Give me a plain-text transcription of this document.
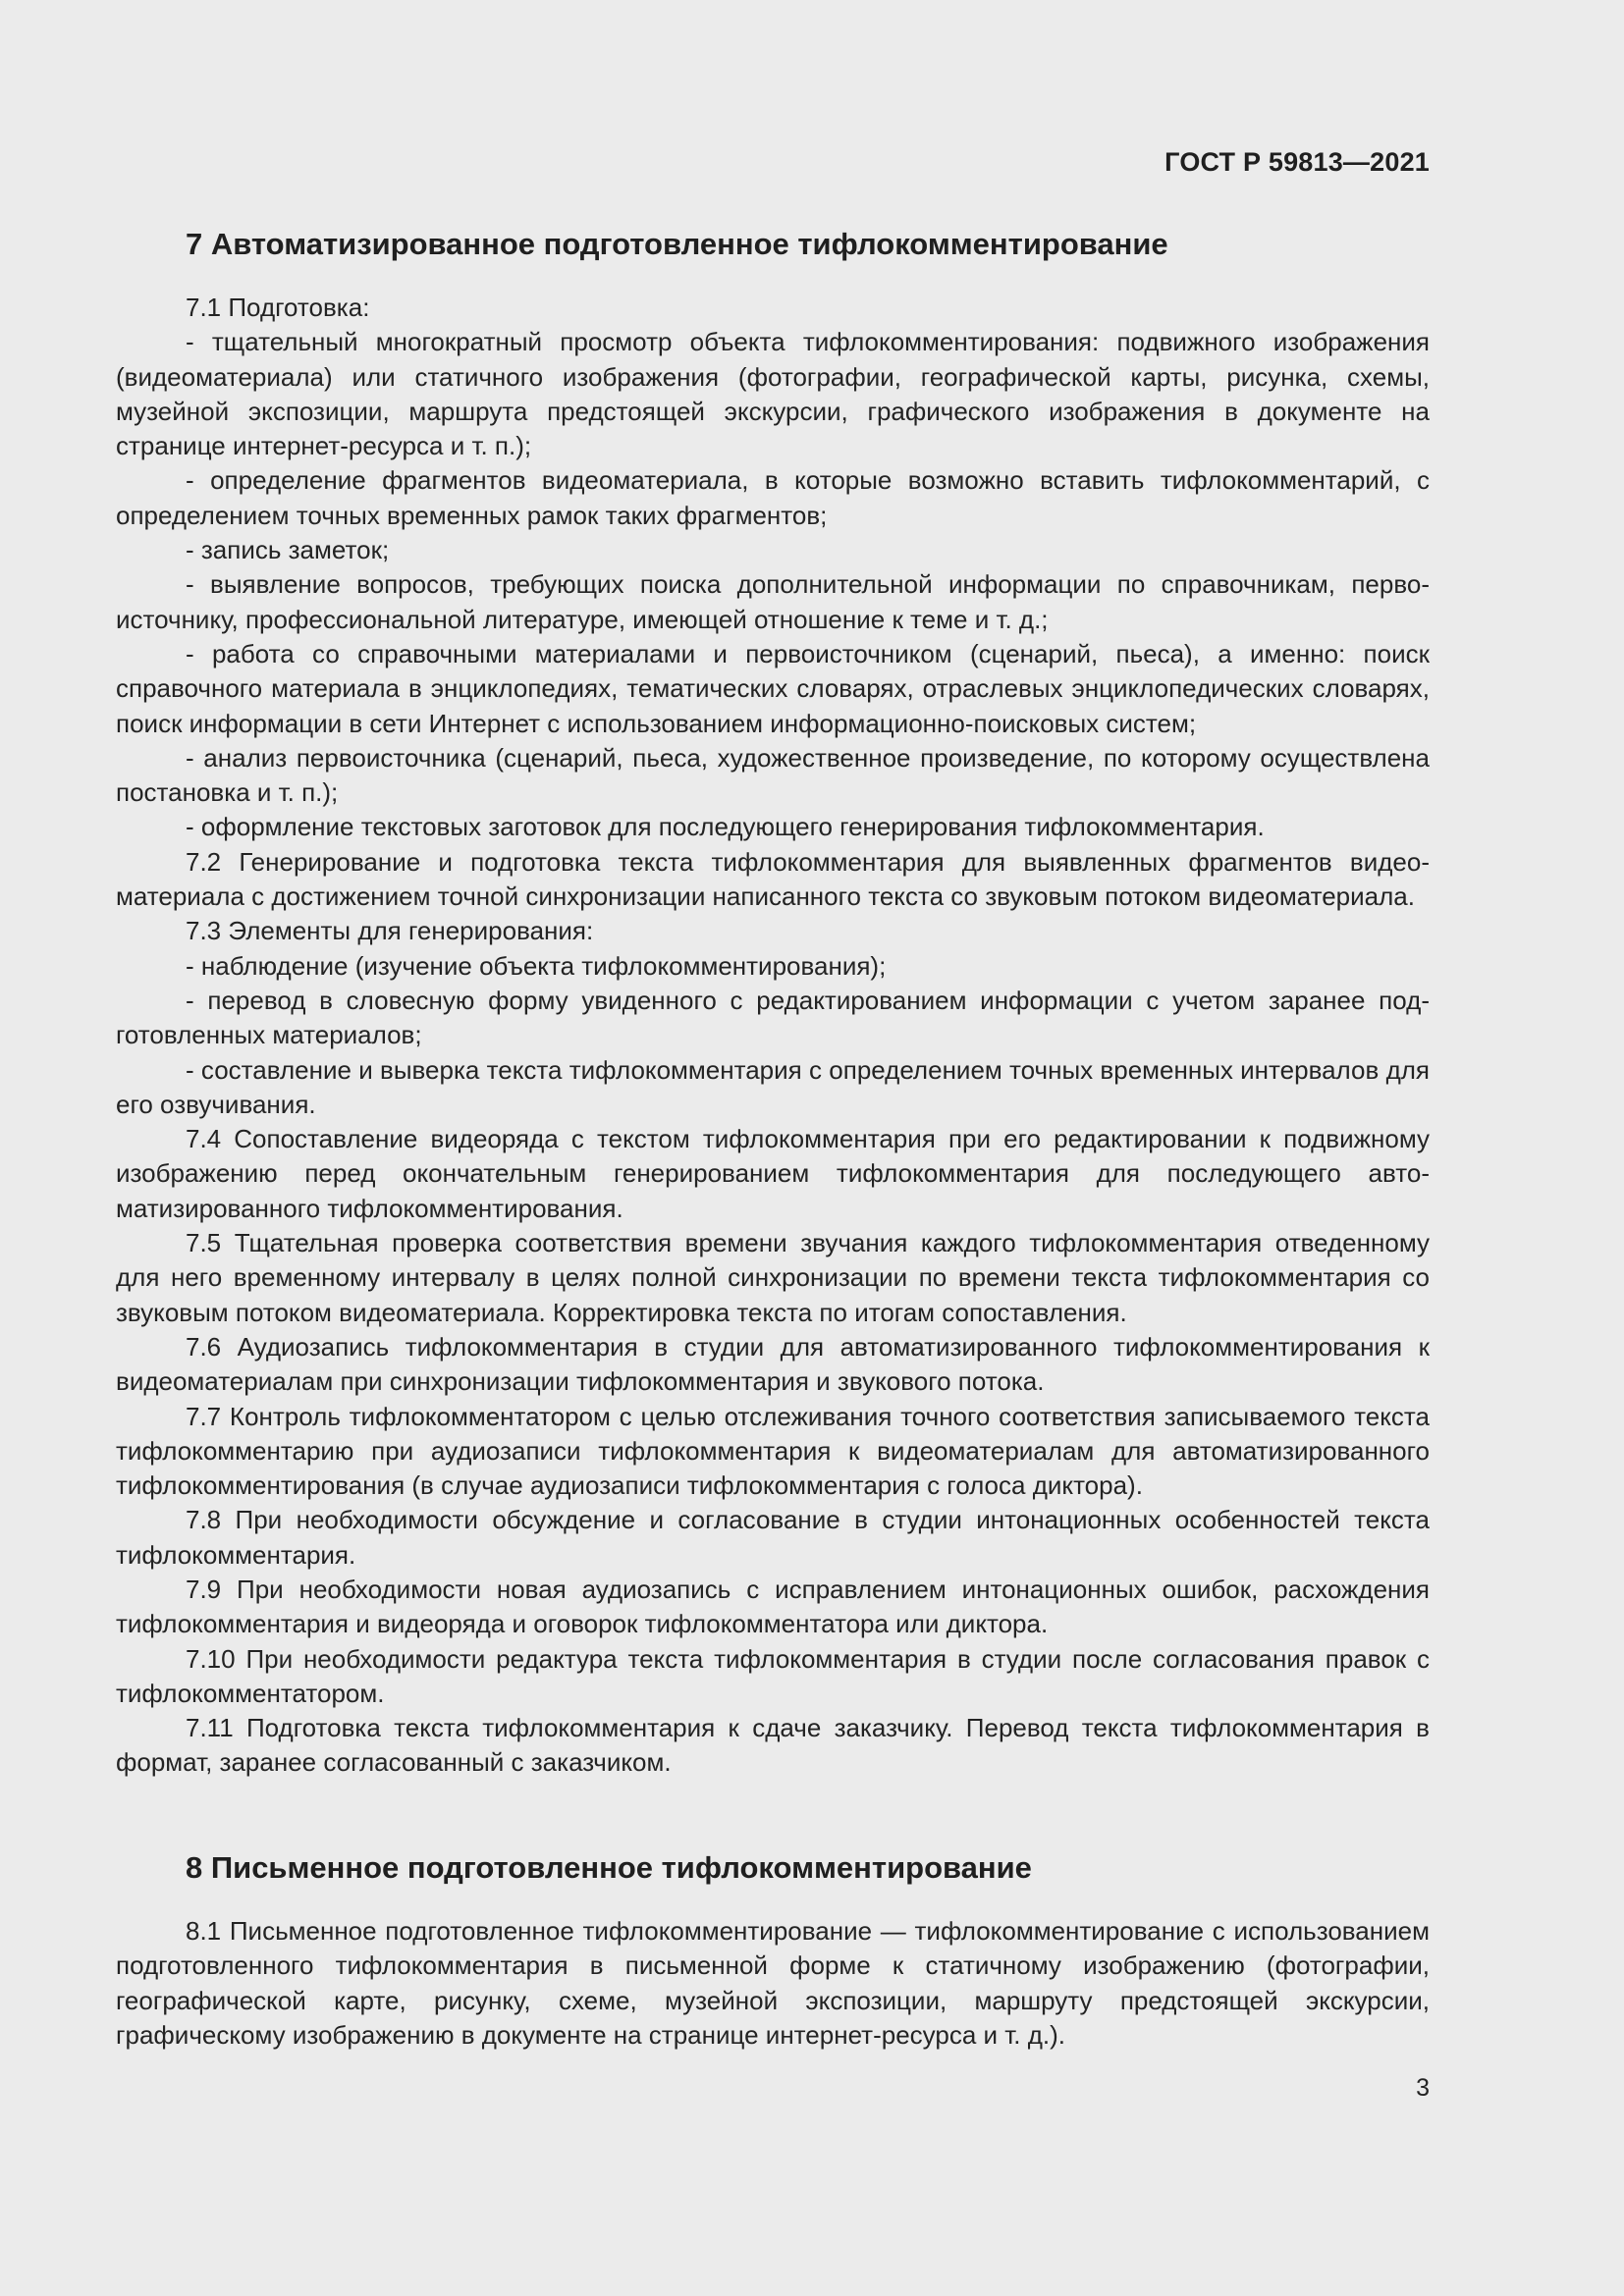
ГОСТ Р 59813—2021
7 Автоматизированное подготовленное тифлокомментирование

7.1 Подготовка:

- тщательный многократный просмотр объекта тифлокомментирования: подвижного изображения (видеоматериала) или статичного изображения (фотографии, географической карты, рисунка, схемы, музейной экспозиции, маршрута предстоящей экскурсии, графического изображения в документе на странице интернет-ресурса и т. п.);

- определение фрагментов видеоматериала, в которые возможно вставить тифлокомментарий, с определением точных временных рамок таких фрагментов;

- запись заметок;

- выявление вопросов, требующих поиска дополнительной информации по справочникам, первоисточнику, профессиональной литературе, имеющей отношение к теме и т. д.;

- работа со справочными материалами и первоисточником (сценарий, пьеса), а именно: поиск справочного материала в энциклопедиях, тематических словарях, отраслевых энциклопедических словарях, поиск информации в сети Интернет с использованием информационно-поисковых систем;

- анализ первоисточника (сценарий, пьеса, художественное произведение, по которому осуществлена постановка и т. п.);

- оформление текстовых заготовок для последующего генерирования тифлокомментария.

7.2 Генерирование и подготовка текста тифлокомментария для выявленных фрагментов видеоматериала с достижением точной синхронизации написанного текста со звуковым потоком видеоматериала.

7.3 Элементы для генерирования:

- наблюдение (изучение объекта тифлокомментирования);

- перевод в словесную форму увиденного с редактированием информации с учетом заранее подготовленных материалов;

- составление и выверка текста тифлокомментария с определением точных временных интервалов для его озвучивания.

7.4 Сопоставление видеоряда с текстом тифлокомментария при его редактировании к подвижному изображению перед окончательным генерированием тифлокомментария для последующего автоматизированного тифлокомментирования.

7.5 Тщательная проверка соответствия времени звучания каждого тифлокомментария отведенному для него временному интервалу в целях полной синхронизации по времени текста тифлокомментария со звуковым потоком видеоматериала. Корректировка текста по итогам сопоставления.

7.6 Аудиозапись тифлокомментария в студии для автоматизированного тифлокомментирования к видеоматериалам при синхронизации тифлокомментария и звукового потока.

7.7 Контроль тифлокомментатором с целью отслеживания точного соответствия записываемого текста тифлокомментарию при аудиозаписи тифлокомментария к видеоматериалам для автоматизированного тифлокомментирования (в случае аудиозаписи тифлокомментария с голоса диктора).

7.8 При необходимости обсуждение и согласование в студии интонационных особенностей текста тифлокомментария.

7.9 При необходимости новая аудиозапись с исправлением интонационных ошибок, расхождения тифлокомментария и видеоряда и оговорок тифлокомментатора или диктора.

7.10 При необходимости редактура текста тифлокомментария в студии после согласования правок с тифлокомментатором.

7.11 Подготовка текста тифлокомментария к сдаче заказчику. Перевод текста тифлокомментария в формат, заранее согласованный с заказчиком.

8 Письменное подготовленное тифлокомментирование

8.1 Письменное подготовленное тифлокомментирование — тифлокомментирование с использованием подготовленного тифлокомментария в письменной форме к статичному изображению (фотографии, географической карте, рисунку, схеме, музейной экспозиции, маршруту предстоящей экскурсии, графическому изображению в документе на странице интернет-ресурса и т. д.).

3
